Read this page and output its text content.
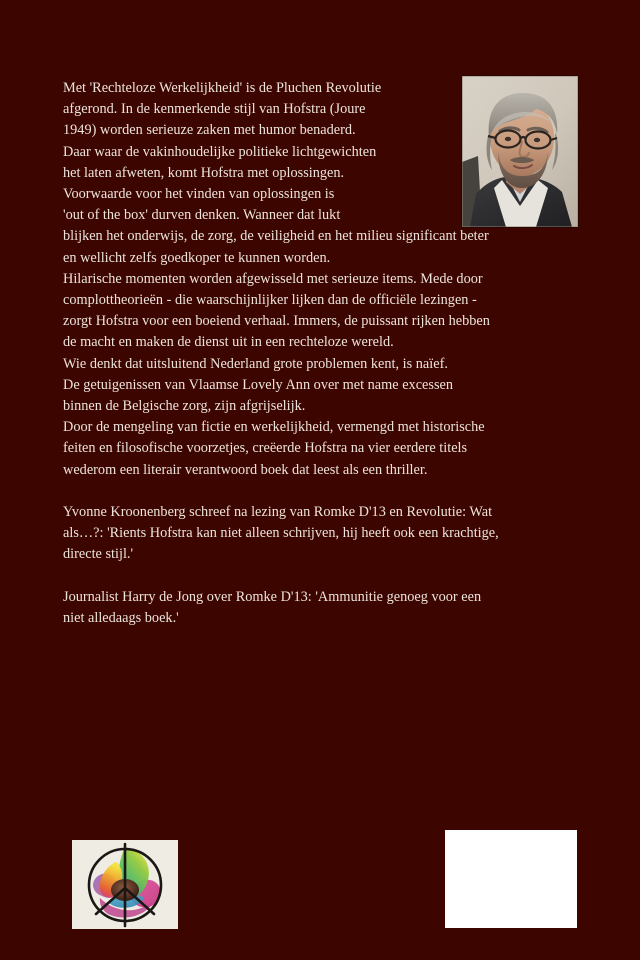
Met 'Rechteloze Werkelijkheid' is de Pluchen Revolutie
afgerond. In de kenmerkende stijl van Hofstra (Joure
1949) worden serieuze zaken met humor benaderd.
Daar waar de vakinhoudelijke politieke lichtgewichten
het laten afweten, komt Hofstra met oplossingen.
Voorwaarde voor het vinden van oplossingen is
'out of the box' durven denken. Wanneer dat lukt
blijken het onderwijs, de zorg, de veiligheid en het milieu significant beter
en wellicht zelfs goedkoper te kunnen worden.
Hilarische momenten worden afgewisseld met serieuze items. Mede door
complottheorieën - die waarschijnlijker lijken dan de officiële lezingen -
zorgt Hofstra voor een boeiend verhaal. Immers, de puissant rijken hebben
de macht en maken de dienst uit in een rechteloze wereld.
Wie denkt dat uitsluitend Nederland grote problemen kent, is naïef.
De getuigenissen van Vlaamse Lovely Ann over met name excessen
binnen de Belgische zorg, zijn afgrijselijk.
Door de mengeling van fictie en werkelijkheid, vermengd met historische
feiten en filosofische voorzetjes, creëerde Hofstra na vier eerdere titels
wederom een literair verantwoord boek dat leest als een thriller.

Yvonne Kroonenberg schreef na lezing van Romke D'13 en Revolutie: Wat
als…?: 'Rients Hofstra kan niet alleen schrijven, hij heeft ook een krachtige,
directe stijl.'

Journalist Harry de Jong over Romke D'13: 'Ammunitie genoeg voor een
niet alledaags boek.'
